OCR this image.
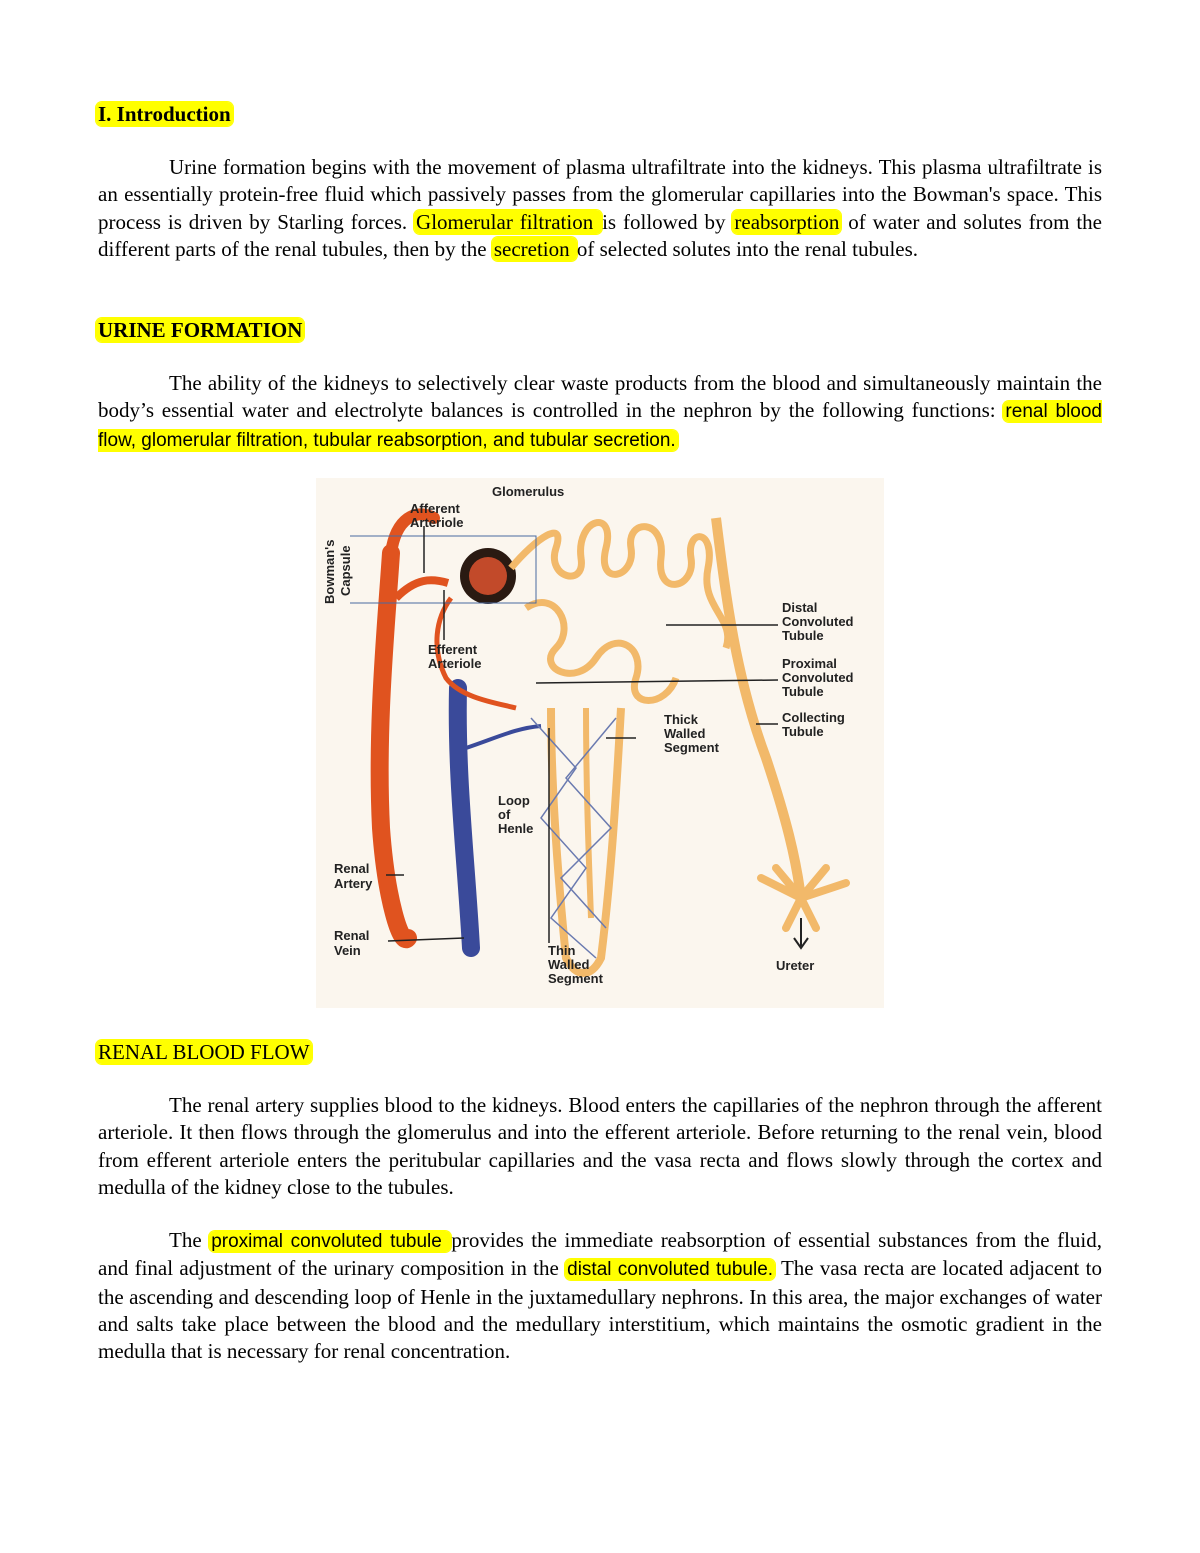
I. Introduction
Urine formation begins with the movement of plasma ultrafiltrate into the kidneys. This plasma ultrafiltrate is an essentially protein-free fluid which passively passes from the glomerular capillaries into the Bowman's space. This process is driven by Starling forces. Glomerular filtration is followed by reabsorption of water and solutes from the different parts of the renal tubules, then by the secretion of selected solutes into the renal tubules.
URINE FORMATION
The ability of the kidneys to selectively clear waste products from the blood and simultaneously maintain the body’s essential water and electrolyte balances is controlled in the nephron by the following functions: renal blood flow, glomerular filtration, tubular reabsorption, and tubular secretion.
Glomerulus
Afferent
Arteriole
Bowman's Capsule
Efferent
Arteriole
Distal
Convoluted
Tubule
Proximal
Convoluted
Tubule
Collecting
Tubule
Thick
Walled
Segment
Loop
of
Henle
Renal
Artery
Renal
Vein	Thin
Walled
Segment
Ureter
RENAL BLOOD FLOW
The renal artery supplies blood to the kidneys. Blood enters the capillaries of the nephron through the afferent arteriole. It then flows through the glomerulus and into the efferent arteriole. Before returning to the renal vein, blood from efferent arteriole enters the peritubular capillaries and the vasa recta and flows slowly through the cortex and medulla of the kidney close to the tubules.
The proximal convoluted tubule provides the immediate reabsorption of essential substances from the fluid, and final adjustment of the urinary composition in the distal convoluted tubule. The vasa recta are located adjacent to the ascending and descending loop of Henle in the juxtamedullary nephrons. In this area, the major exchanges of water and salts take place between the blood and the medullary interstitium, which maintains the osmotic gradient in the medulla that is necessary for renal concentration.
